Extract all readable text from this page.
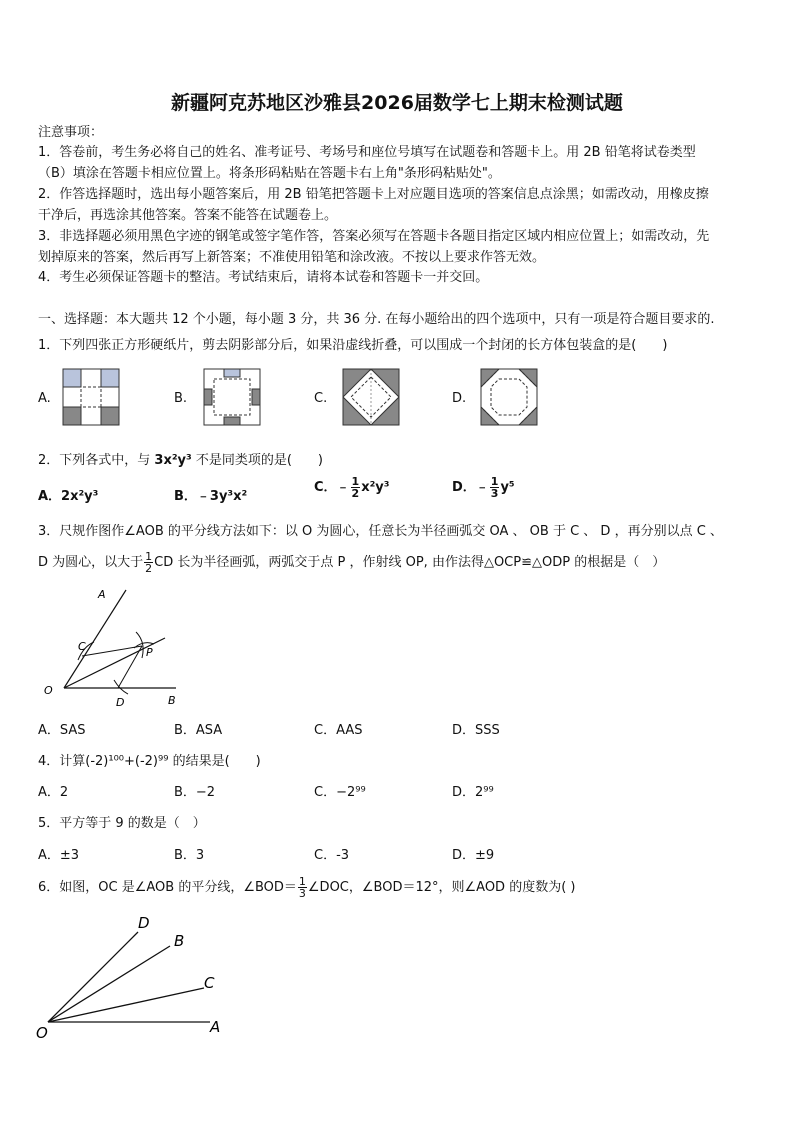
新疆阿克苏地区沙雅县2026届数学七上期末检测试题
注意事项：
1．答卷前，考生务必将自己的姓名、准考证号、考场号和座位号填写在试题卷和答题卡上。用 2B 铅笔将试卷类型
（B）填涂在答题卡相应位置上。将条形码粘贴在答题卡右上角"条形码粘贴处"。
2．作答选择题时，选出每小题答案后，用 2B 铅笔把答题卡上对应题目选项的答案信息点涂黑；如需改动，用橡皮擦
干净后，再选涂其他答案。答案不能答在试题卷上。
3．非选择题必须用黑色字迹的钢笔或签字笔作答，答案必须写在答题卡各题目指定区域内相应位置上；如需改动，先
划掉原来的答案，然后再写上新答案；不准使用铅笔和涂改液。不按以上要求作答无效。
4．考生必须保证答题卡的整洁。考试结束后，请将本试卷和答题卡一并交回。
一、选择题：本大题共 12 个小题，每小题 3 分，共 36 分. 在每小题给出的四个选项中，只有一项是符合题目要求的.
1．下列四张正方形硬纸片，剪去阴影部分后，如果沿虚线折叠，可以围成一个封闭的长方体包装盒的是(　　)
A.	B.	C.	D.
2．下列各式中，与 3x²y³ 不是同类项的是(　　)
A．2x²y³	B．﹣3y³x²
C．﹣ $\frac{1}{2} x^2y^3$	D．﹣ $\frac{1}{3} y^5$
3．尺规作图作∠AOB 的平分线方法如下：以 O 为圆心，任意长为半径画弧交 OA 、 OB 于 C 、 D ，再分别以点 C 、
D 为圆心，以大于 $\frac{1}{2}$ CD 长为半径画弧，两弧交于点 P ，作射线 OP, 由作法得△OCP≌△ODP 的根据是（　）
A
C	P
O
D	B
A．SAS	B．ASA	C．AAS	D．SSS
4．计算(-2)¹⁰⁰+(-2)⁹⁹ 的结果是(　　)
A．2	B．−2	C．−2⁹⁹	D．2⁹⁹
5．平方等于 9 的数是（　）
A．±3	B．3	C．-3	D．±9
6．如图，OC 是∠AOB 的平分线，∠BOD＝ $\frac{1}{3}$ ∠DOC，∠BOD＝12°，则∠AOD 的度数为( )
D
B
C
A
O
